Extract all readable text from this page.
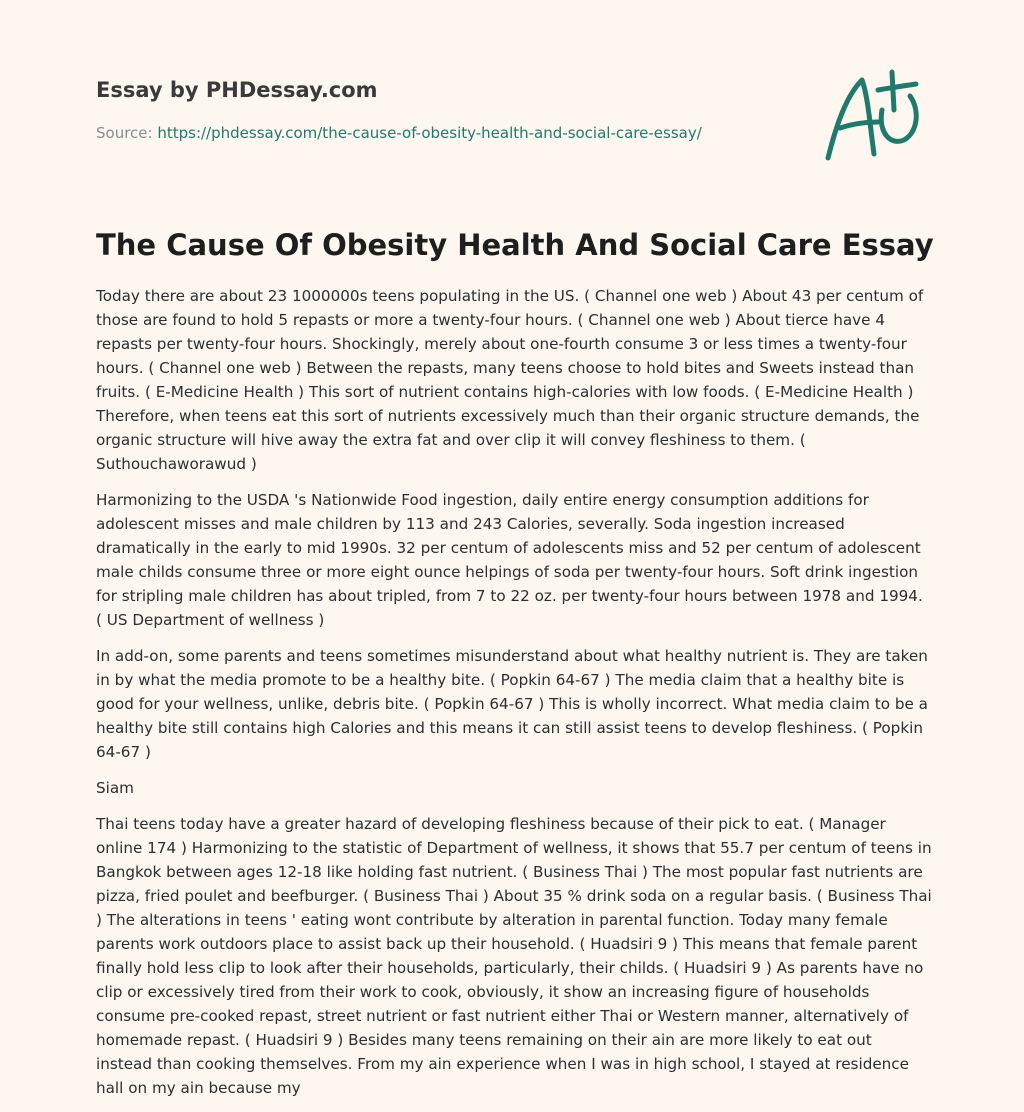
Essay by PHDessay.com
Source: https://phdessay.com/the-cause-of-obesity-health-and-social-care-essay/
The Cause Of Obesity Health And Social Care Essay

Today there are about 23 1000000s teens populating in the US. ( Channel one web ) About 43 per centum of those are found to hold 5 repasts or more a twenty-four hours. ( Channel one web ) About tierce have 4 repasts per twenty-four hours. Shockingly, merely about one-fourth consume 3 or less times a twenty-four hours. ( Channel one web ) Between the repasts, many teens choose to hold bites and Sweets instead than fruits. ( E-Medicine Health ) This sort of nutrient contains high-calories with low foods. ( E-Medicine Health ) Therefore, when teens eat this sort of nutrients excessively much than their organic structure demands, the organic structure will hive away the extra fat and over clip it will convey fleshiness to them. ( Suthouchaworawud )

Harmonizing to the USDA 's Nationwide Food ingestion, daily entire energy consumption additions for adolescent misses and male children by 113 and 243 Calories, severally. Soda ingestion increased dramatically in the early to mid 1990s. 32 per centum of adolescents miss and 52 per centum of adolescent male childs consume three or more eight ounce helpings of soda per twenty-four hours. Soft drink ingestion for stripling male children has about tripled, from 7 to 22 oz. per twenty-four hours between 1978 and 1994. ( US Department of wellness )

In add-on, some parents and teens sometimes misunderstand about what healthy nutrient is. They are taken in by what the media promote to be a healthy bite. ( Popkin 64-67 ) The media claim that a healthy bite is good for your wellness, unlike, debris bite. ( Popkin 64-67 ) This is wholly incorrect. What media claim to be a healthy bite still contains high Calories and this means it can still assist teens to develop fleshiness. ( Popkin 64-67 )

Siam

Thai teens today have a greater hazard of developing fleshiness because of their pick to eat. ( Manager online 174 ) Harmonizing to the statistic of Department of wellness, it shows that 55.7 per centum of teens in Bangkok between ages 12-18 like holding fast nutrient. ( Business Thai ) The most popular fast nutrients are pizza, fried poulet and beefburger. ( Business Thai ) About 35 % drink soda on a regular basis. ( Business Thai ) The alterations in teens ' eating wont contribute by alteration in parental function. Today many female parents work outdoors place to assist back up their household. ( Huadsiri 9 ) This means that female parent finally hold less clip to look after their households, particularly, their childs. ( Huadsiri 9 ) As parents have no clip or excessively tired from their work to cook, obviously, it show an increasing figure of households consume pre-cooked repast, street nutrient or fast nutrient either Thai or Western manner, alternatively of homemade repast. ( Huadsiri 9 ) Besides many teens remaining on their ain are more likely to eat out instead than cooking themselves. From my ain experience when I was in high school, I stayed at residence hall on my ain because my
